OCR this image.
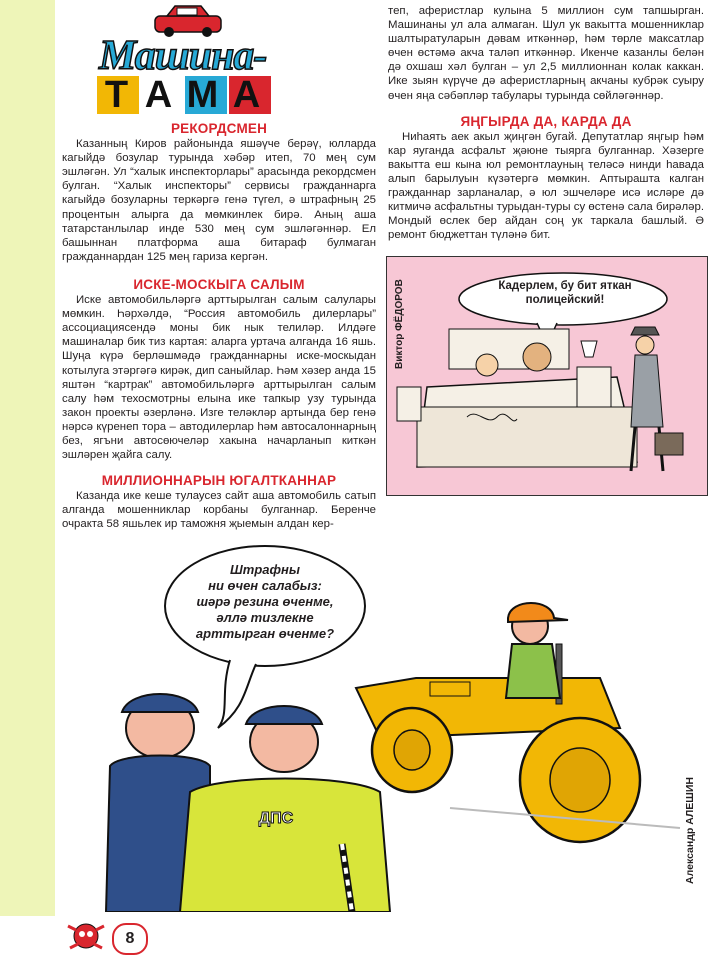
Машина-
Т А М А
РЕКОРДСМЕН

Казанның Киров районында яшәүче берәү, юлларда кагыйдә бозулар турында хәбәр итеп, 70 мең сум эшләгән. Ул “халык инспекторлары” арасында рекордсмен булган. “Халык инспекторы” сервисы гражданнарга кагыйдә бозуларны теркәргә генә түгел, ә штрафның 25 процентын алырга да мөмкинлек бирә. Аның аша татарстанлылар инде 530 мең сум эшләгәннәр. Ел башыннан платформа аша битараф булмаган гражданнардан 125 мең гариза кергән.

ИСКЕ-МОСКЫГА САЛЫМ

Иске автомобильләргә арттырылган салым салулары мөмкин. Һәрхәлдә, “Россия автомобиль дилерлары” ассоциациясендә моны бик нык телиләр. Илдәге машиналар бик тиз картая: аларга уртача алганда 16 яшь. Шуңа күрә берләшмәдә гражданнарны иске-москыдан котылуга этәргәгә кирәк, дип саныйлар. Һәм хәзер анда 15 яштән “картрак” автомобильләргә арттырылган салым салу һәм техосмотрны елына ике тапкыр узу турында закон проекты әзерләнә. Изге теләкләр артында бер генә нәрсә күренеп тора – автодилерлар һәм автосалоннарның без, ягъни автосөючеләр хакына начарланып киткән эшләрен җайга салу.

МИЛЛИОННАРЫН ЮГАЛТКАННАР

Казанда ике кеше тулаусез сайт аша автомобиль сатып алганда мошенниклар корбаны булганнар. Беренче очракта 58 яшьлек ир таможня җыемын алдан кер-

теп, аферистлар кулына 5 миллион сум тапшырган. Машинаны ул ала алмаган. Шул ук вакытта мошенниклар шалтыратуларын дәвам иткәннәр, һәм төрле максатлар өчен өстәмә акча таләп иткәннәр. Икенче казанлы белән дә охшаш хәл булган – ул 2,5 миллионнан колак каккан. Ике зыян күрүче дә аферистларның акчаны кубрәк суыру өчен яңа сәбәпләр табулары турында сөйләгәннәр.

ЯҢГЫРДА ДА, КАРДА ДА

Ниһаять аек акыл җиңгән бугай. Депутатлар яңгыр һәм кар яуганда асфальт җәюне тыярга булганнар. Хәзерге вакытта еш кына юл ремонтлауның теләсә нинди һавада алып барылуын күзәтергә мөмкин. Аптырашта калган гражданнар зарланалар, ә юл эшчеләре исә исләре дә китмичә асфальтны турыдан-туры су өстенә сала бирәләр. Мондый өслек бер айдан соң ук таркала башлый. Ә ремонт бюджеттан түләнә бит.

Кадерлем, бу бит яткан полицейский!
Виктор ФЁДОРОВ
Штрафны
ни өчен салабыз:
шәрә резина өченме,
әллә тизлекне
арттырган өченме?
ДПС	Александр АЛЕШИН
8
